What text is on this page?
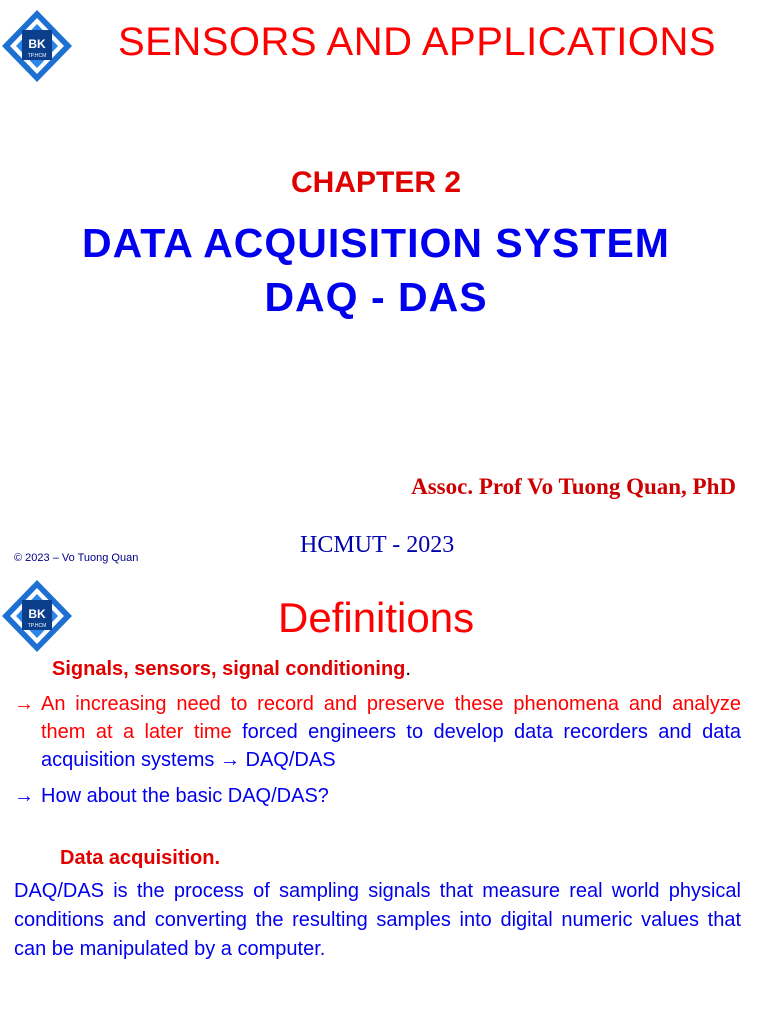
BK
TP.HCM SENSORS AND APPLICATIONS
CHAPTER 2
DATA ACQUISITION SYSTEM
DAQ - DAS
Assoc. Prof Vo Tuong Quan, PhD
© 2023 – Vo Tuong Quan	HCMUT - 2023
BK
TP.HCM	Definitions
Signals, sensors, signal conditioning.
→ An increasing need to record and preserve these phenomena and analyze them at a later time forced engineers to develop data recorders and data acquisition systems → DAQ/DAS
→ How about the basic DAQ/DAS?
Data acquisition.
DAQ/DAS is the process of sampling signals that measure real world physical conditions and converting the resulting samples into digital numeric values that can be manipulated by a computer.
